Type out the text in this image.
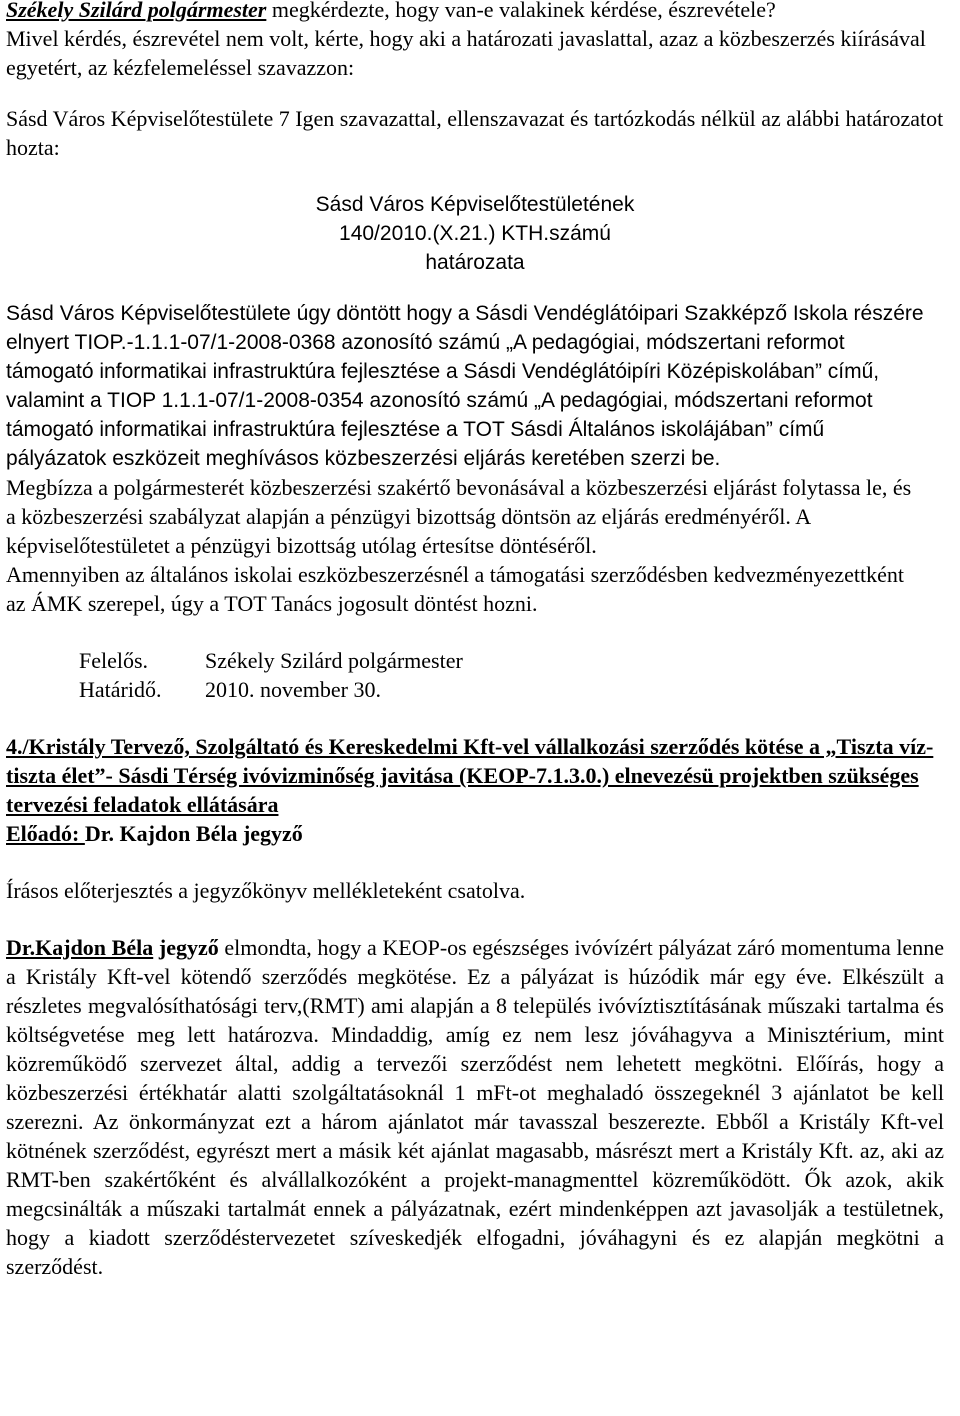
Székely Szilárd polgármester megkérdezte, hogy van-e valakinek kérdése, észrevétele?

Mivel kérdés, észrevétel nem volt, kérte, hogy aki a határozati javaslattal, azaz a közbeszerzés kiírásával egyetért, az kézfelemeléssel szavazzon:

Sásd Város Képviselőtestülete 7 Igen szavazattal, ellenszavazat és tartózkodás nélkül az alábbi határozatot hozta:

Sásd Város Képviselőtestületének

140/2010.(X.21.) KTH.számú

határozata

Sásd Város Képviselőtestülete úgy döntött hogy a Sásdi Vendéglátóipari Szakképző Iskola részére elnyert TIOP.-1.1.1-07/1-2008-0368 azonosító számú „A pedagógiai, módszertani reformot támogató informatikai infrastruktúra fejlesztése a Sásdi Vendéglátóipíri Középiskolában” című, valamint a TIOP 1.1.1-07/1-2008-0354 azonosító számú „A pedagógiai, módszertani reformot támogató informatikai infrastruktúra fejlesztése a TOT Sásdi Általános iskolájában” című pályázatok eszközeit meghívásos közbeszerzési eljárás keretében szerzi be.

Megbízza a polgármesterét közbeszerzési szakértő bevonásával a közbeszerzési eljárást folytassa le, és a közbeszerzési szabályzat alapján a pénzügyi bizottság döntsön az eljárás eredményéről. A képviselőtestületet a pénzügyi bizottság utólag értesítse döntéséről.

Amennyiben az általános iskolai eszközbeszerzésnél a támogatási szerződésben kedvezményezettként az ÁMK szerepel, úgy a TOT Tanács jogosult döntést hozni.

Felelős.	Székely Szilárd polgármester
Határidő.	2010. november 30.

4./Kristály Tervező, Szolgáltató és Kereskedelmi Kft-vel vállalkozási szerződés kötése a „Tiszta víz-tiszta élet”- Sásdi Térség ivóvizminőség javitása (KEOP-7.1.3.0.) elnevezésü projektben szükséges tervezési feladatok ellátására

Előadó: Dr. Kajdon Béla jegyző

Írásos előterjesztés a jegyzőkönyv mellékleteként csatolva.

Dr.Kajdon Béla jegyző elmondta, hogy a KEOP-os egészséges ivóvízért pályázat záró momentuma lenne a Kristály Kft-vel kötendő szerződés megkötése. Ez a pályázat is húzódik már egy éve. Elkészült a részletes megvalósíthatósági terv,(RMT) ami alapján a 8 település ivóvíztisztításának műszaki tartalma és költségvetése meg lett határozva. Mindaddig, amíg ez nem lesz jóváhagyva a Minisztérium, mint közreműködő szervezet által, addig a tervezői szerződést nem lehetett megkötni. Előírás, hogy a közbeszerzési értékhatár alatti szolgáltatásoknál 1 mFt-ot meghaladó összegeknél 3 ajánlatot be kell szerezni. Az önkormányzat ezt a három ajánlatot már tavasszal beszerezte. Ebből a Kristály Kft-vel kötnének szerződést, egyrészt mert a másik két ajánlat magasabb, másrészt mert a Kristály Kft. az, aki az RMT-ben szakértőként és alvállalkozóként a projekt-managmenttel közreműködött. Ők azok, akik megcsinálták a műszaki tartalmát ennek a pályázatnak, ezért mindenképpen azt javasolják a testületnek, hogy a kiadott szerződéstervezetet szíveskedjék elfogadni, jóváhagyni és ez alapján megkötni a szerződést.
